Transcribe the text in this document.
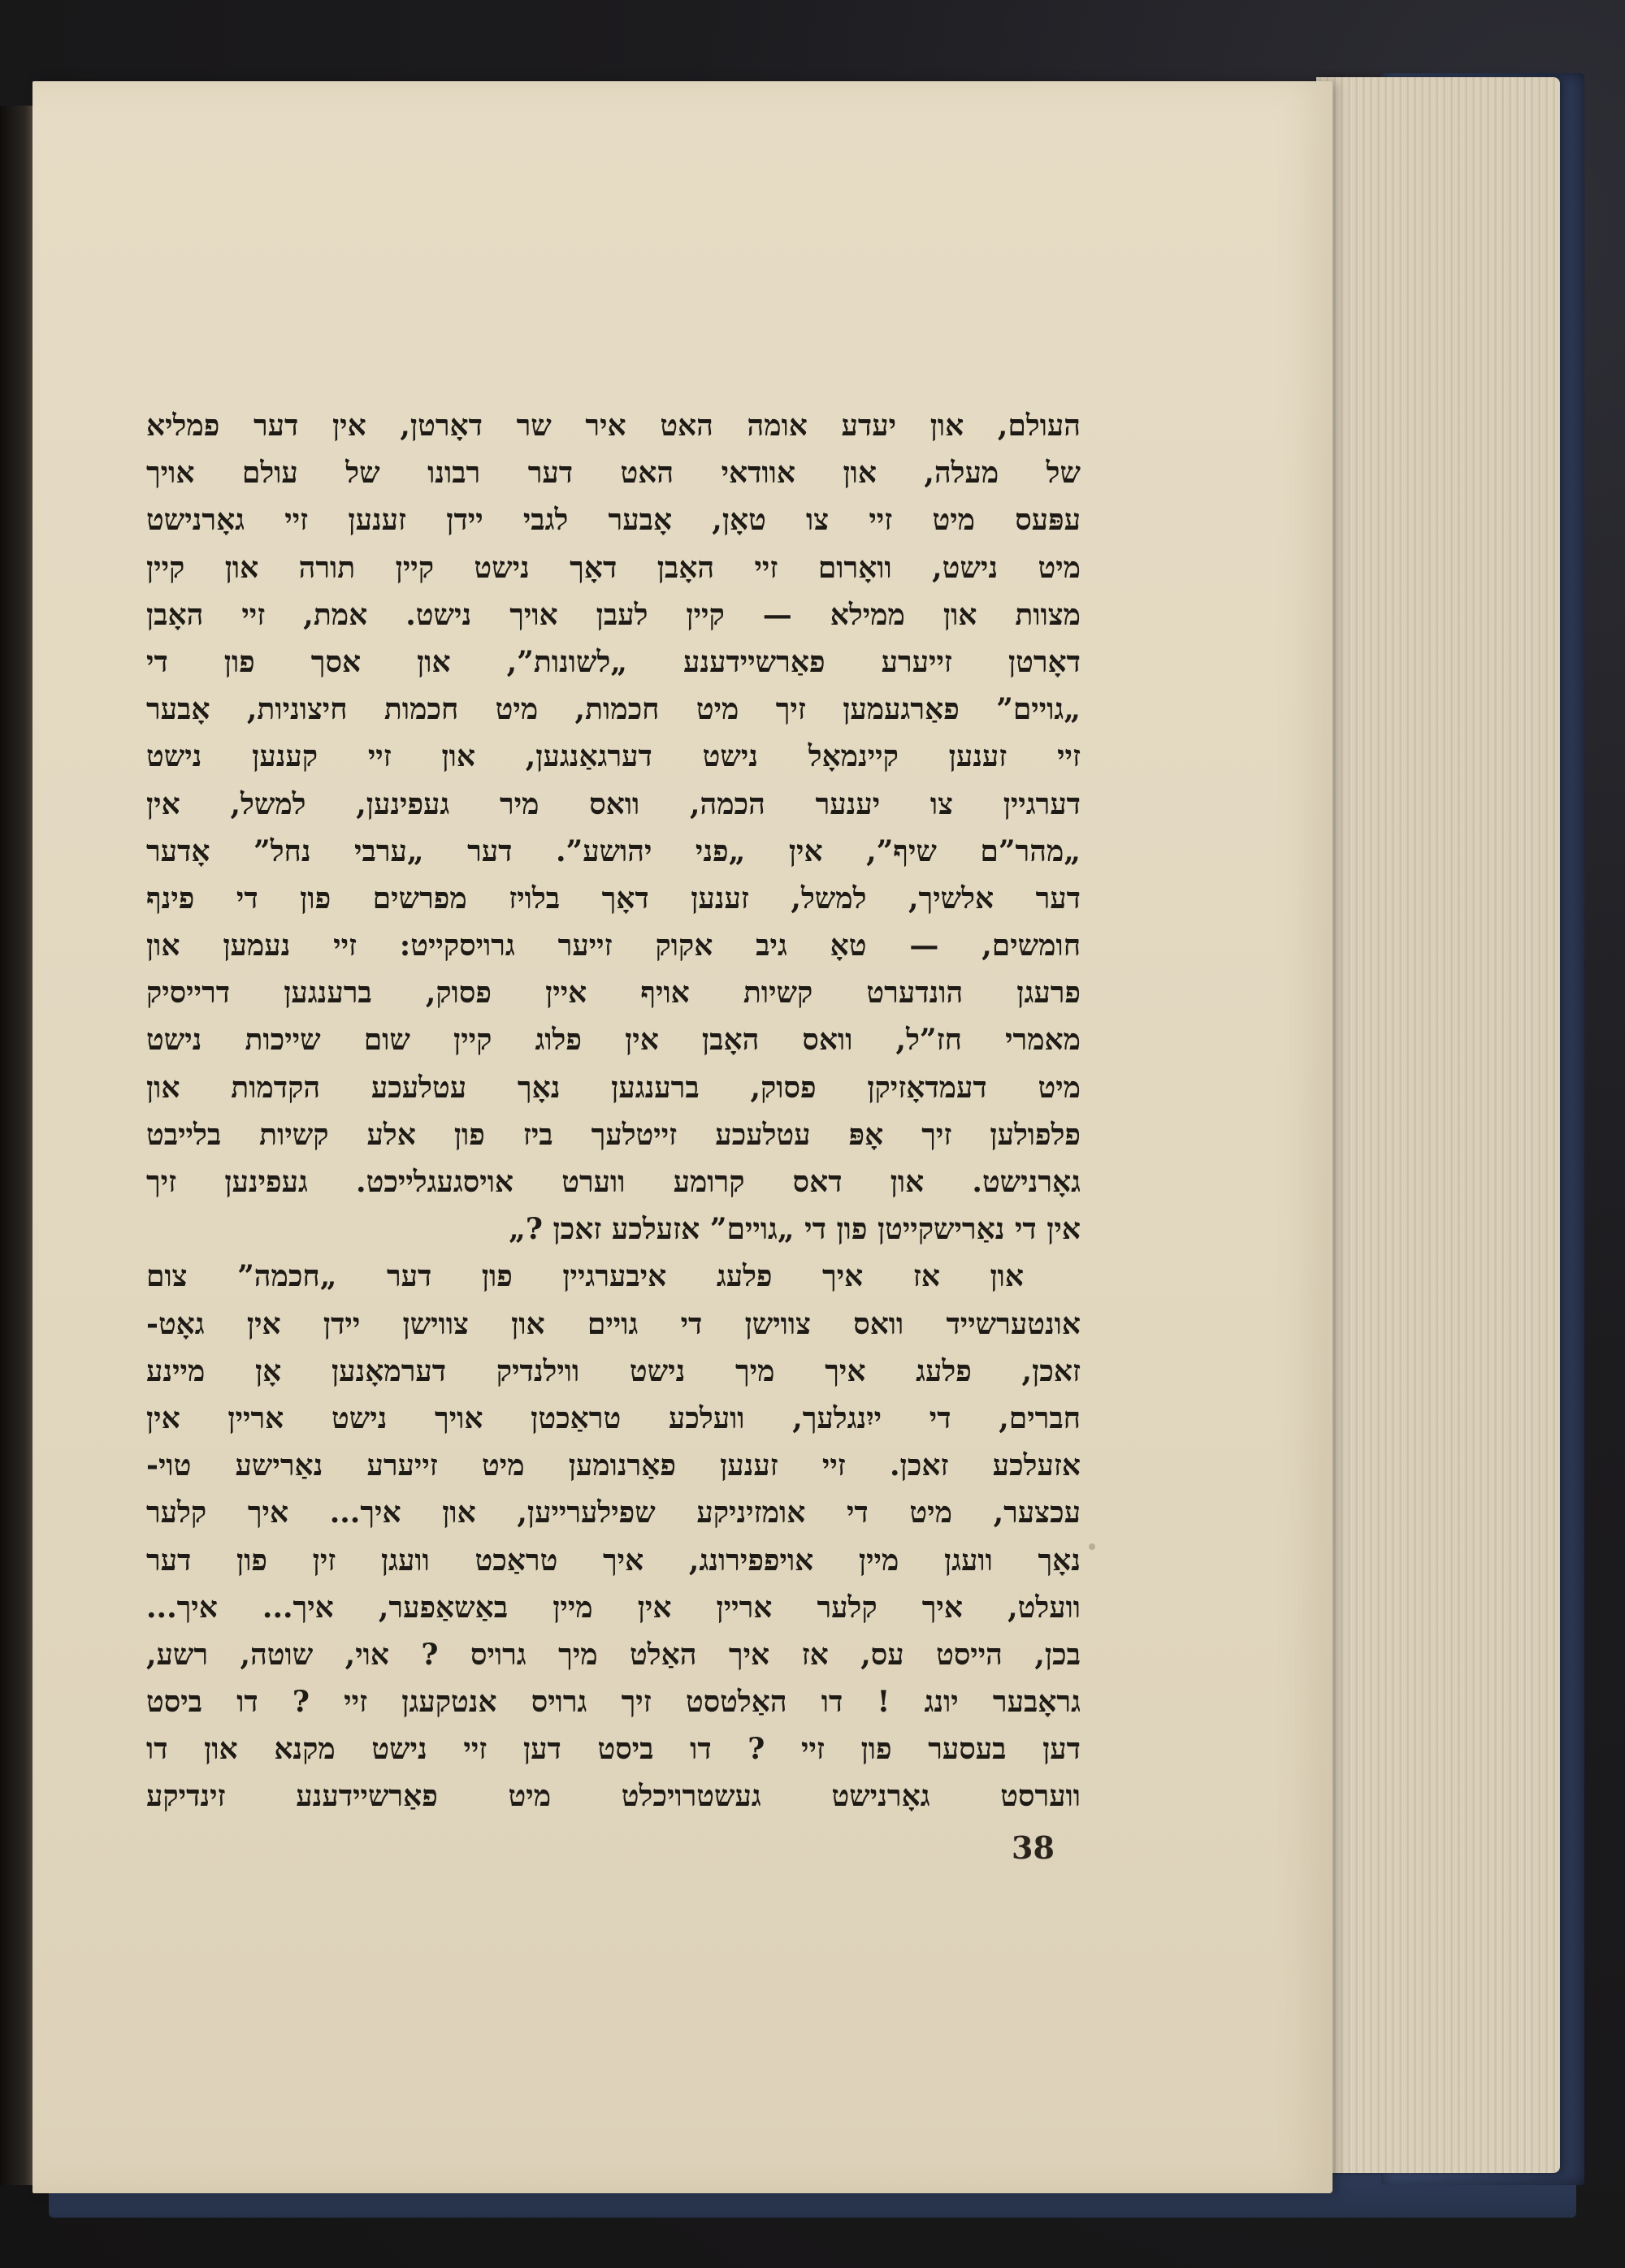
העולם, און יעדע אומה האט איר שר דאָרטן, אין דער פמליא
של מעלה, און אוודאי האט דער רבונו של עולם אויך
עפּעס מיט זיי צו טאָן, אָבער לגבי יידן זענען זיי גאָרנישט
מיט נישט, וואָרום זיי האָבן דאָך נישט קיין תורה און קיין
מצוות און ממילא — קיין לעבן אויך נישט. אמת, זיי האָבן
דאָרטן זייערע פאַרשיידענע „לשונות”, און אסך פון די
„גויים” פאַרגעמען זיך מיט חכמות, מיט חכמות חיצוניות, אָבער
זיי זענען קיינמאָל נישט דערגאַנגען, און זיי קענען נישט
דערגיין צו יענער הכמה, וואס מיר געפינען, למשל, אין
„מהר”ם שיף”, אין „פני יהושע”. דער „ערבי נחל” אָדער
דער אלשיך, למשל, זענען דאָך בלויז מפרשים פון די פינף
חומשים, — טאָ גיב אקוק זייער גרויסקייט: זיי נעמען און
פרעגן הונדערט קשיות אויף איין פסוק, ברענגען דרייסיק
מאמרי חז”ל, וואס האָבן אין פלוג קיין שום שייכות נישט
מיט דעמדאָזיקן פסוק, ברענגען נאָך עטלעכע הקדמות און
פלפולען זיך אָפּ עטלעכע זייטלעך ביז פון אלע קשיות בלייבט
גאָרנישט. און דאס קרומע ווערט אויסגעגלייכט. געפינען זיך
אין די נאַרישקייטן פון די „גויים” אזעלכע זאכן ?„
און אז איך פלעג איבערגיין פון דער „חכמה” צום
אונטערשייד וואס צווישן די גויים און צווישן יידן אין גאָט-
זאכן, פלעג איך מיך נישט ווילנדיק דערמאָנען אָן מיינע
חברים, די ייִנגלעך, וועלכע טראַכטן אויך נישט אריין אין
אזעלכע זאכן. זיי זענען פאַרנומען מיט זייערע נאַרישע טוי-
עכצער, מיט די אומזיניקע שפילערייען, און איך... איך קלער
נאָך וועגן מיין אויפפירונג, איך טראַכט וועגן זין פון דער
וועלט, איך קלער אריין אין מיין באַשאַפער, איך... איך...
בכן, הייסט עס, אז איך האַלט מיך גרויס ? אוי, שוטה, רשע,
גראָבער יונג ! דו האַלטסט זיך גרויס אנטקעגן זיי ? דו ביסט
דען בעסער פון זיי ? דו ביסט דען זיי נישט מקנא און דו
ווערסט גאָרנישט געשטרויכלט מיט פאַרשיידענע זינדיקע
38
